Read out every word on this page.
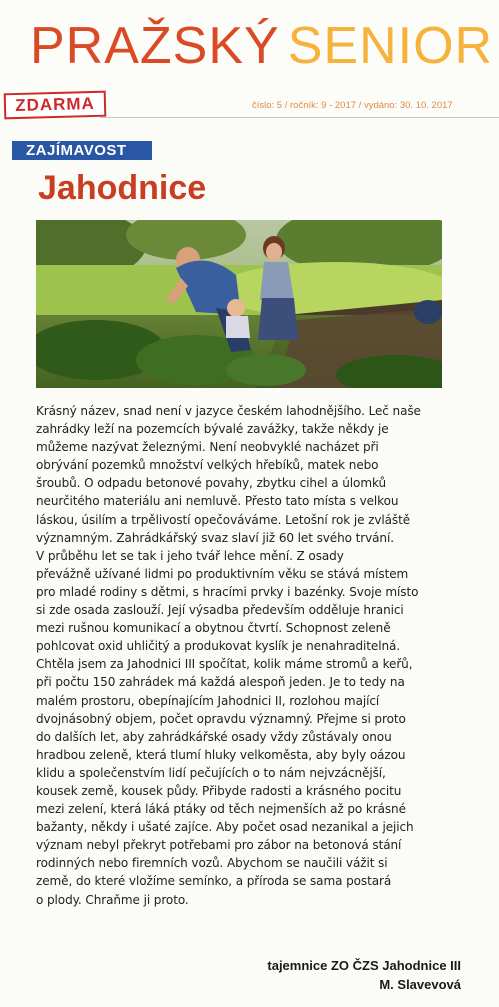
PRAŽSKÝ SENIOR
ZDARMA	číslo: 5 / ročník: 9 - 2017 / vydáno: 30. 10. 2017
ZAJÍMAVOST
Jahodnice
Krásný název, snad není v jazyce českém lahodnějšího. Leč naše
zahrádky leží na pozemcích bývalé zavážky, takže někdy je
můžeme nazývat železnými. Není neobvyklé nacházet při
obrývání pozemků množství velkých hřebíků, matek nebo
šroubů. O odpadu betonové povahy, zbytku cihel a úlomků
neurčitého materiálu ani nemluvě. Přesto tato místa s velkou
láskou, úsilím a trpělivostí opečováváme. Letošní rok je zvláště
významným. Zahrádkářský svaz slaví již 60 let svého trvání.
V průběhu let se tak i jeho tvář lehce mění. Z osady
převážně užívané lidmi po produktivním věku se stává místem
pro mladé rodiny s dětmi, s hracími prvky i bazénky. Svoje místo
si zde osada zaslouží. Její výsadba především odděluje hranici
mezi rušnou komunikací a obytnou čtvrtí. Schopnost zeleně
pohlcovat oxid uhličitý a produkovat kyslík je nenahraditelná.
Chtěla jsem za Jahodnici III spočítat, kolik máme stromů a keřů,
při počtu 150 zahrádek má každá alespoň jeden. Je to tedy na
malém prostoru, obepínajícím Jahodnici II, rozlohou mající
dvojnásobný objem, počet opravdu významný. Přejme si proto
do dalších let, aby zahrádkářské osady vždy zůstávaly onou
hradbou zeleně, která tlumí hluky velkoměsta, aby byly oázou
klidu a společenstvím lidí pečujících o to nám nejvzácnější,
kousek země, kousek půdy. Přibyde radosti a krásného pocitu
mezi zelení, která láká ptáky od těch nejmenších až po krásné
bažanty, někdy i ušaté zajíce. Aby počet osad nezanikal a jejich
význam nebyl překryt potřebami pro zábor na betonová stání
rodinných nebo firemních vozů. Abychom se naučili vážit si
země, do které vložíme semínko, a příroda se sama postará
o plody. Chraňme ji proto.
tajemnice ZO ČZS Jahodnice III
M. Slavevová
